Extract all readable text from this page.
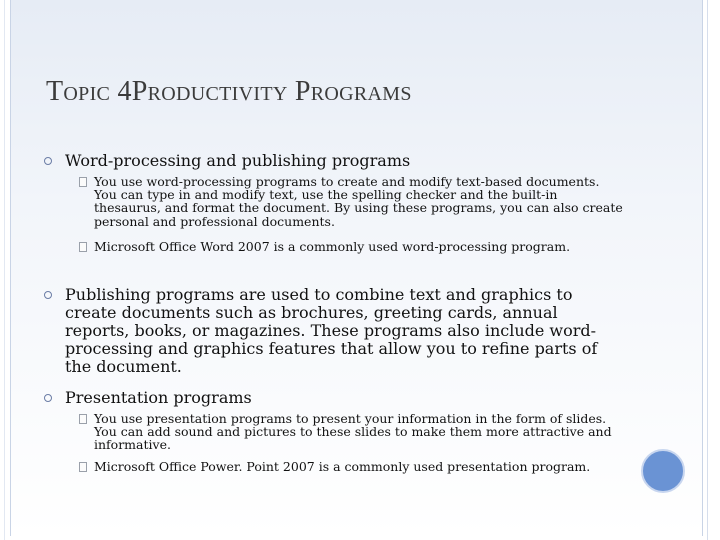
Topic 4Productivity Programs

Word-processing and publishing programs

You use word-processing programs to create and modify text-based documents. You can type in and modify text, use the spelling checker and the built-in thesaurus, and format the document. By using these programs, you can also create personal and professional documents.

Microsoft Office Word 2007 is a commonly used word-processing program.

Publishing programs are used to combine text and graphics to create documents such as brochures, greeting cards, annual reports, books, or magazines. These programs also include word-processing and graphics features that allow you to refine parts of the document.

Presentation programs

You use presentation programs to present your information in the form of slides. You can add sound and pictures to these slides to make them more attractive and informative.

Microsoft Office Power. Point 2007 is a commonly used presentation program.
